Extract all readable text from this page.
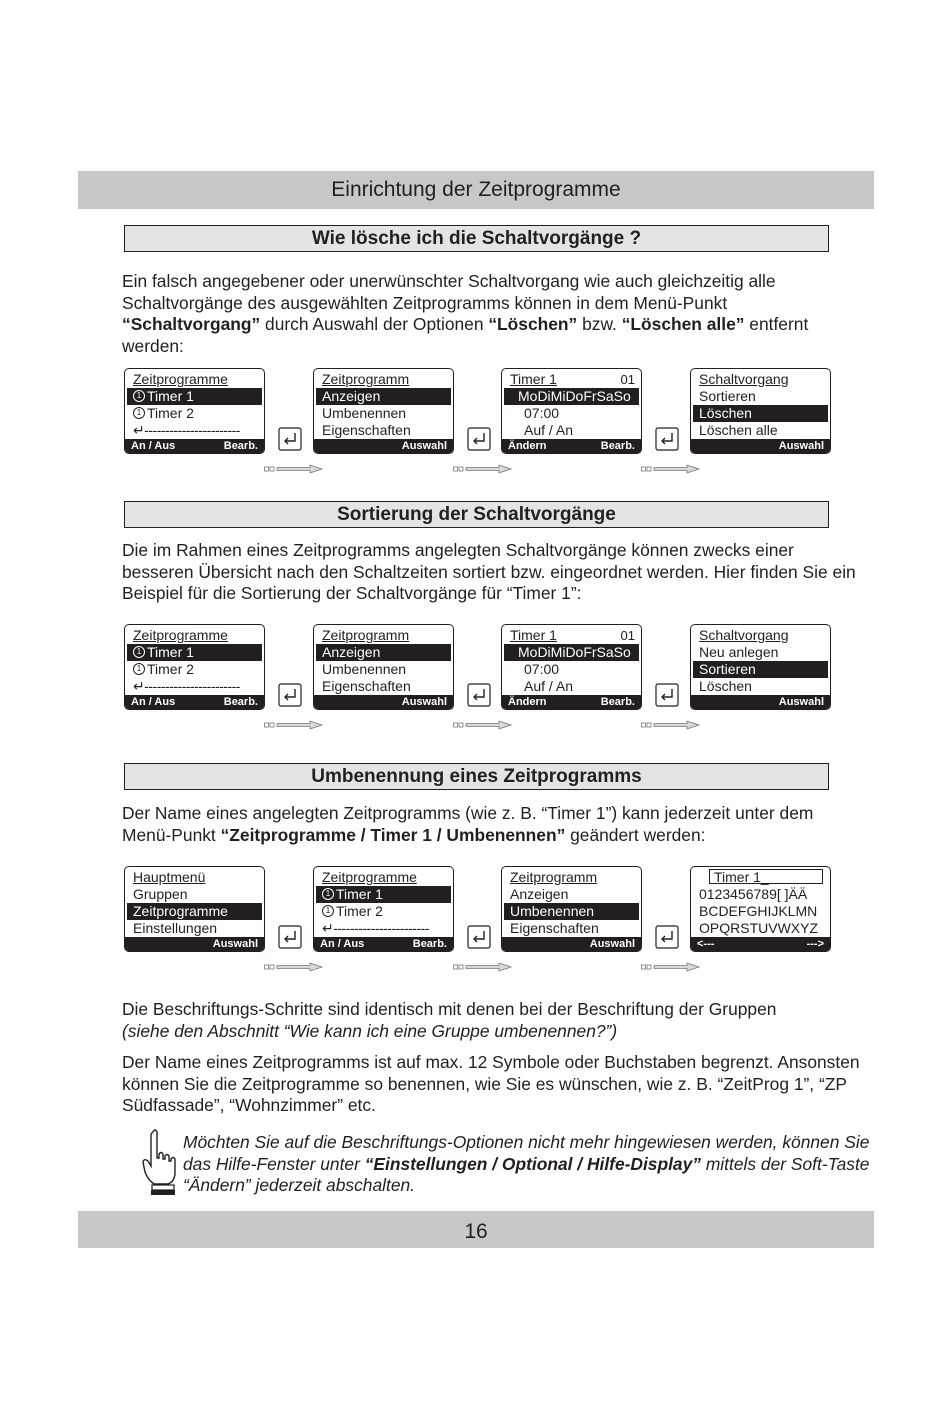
Einrichtung der Zeitprogramme
Wie lösche ich die Schaltvorgänge ?

Ein falsch angegebener oder unerwünschter Schaltvorgang wie auch gleichzeitig alle Schaltvorgänge des ausgewählten Zeitprogramms können in dem Menü-Punkt “Schaltvorgang” durch Auswahl der Optionen “Löschen” bzw. “Löschen alle” entfernt werden:

Sortierung der Schaltvorgänge

Die im Rahmen eines Zeitprogramms angelegten Schaltvorgänge können zwecks einer besseren Übersicht nach den Schaltzeiten sortiert bzw. eingeordnet werden. Hier finden Sie ein Beispiel für die Sortierung der Schaltvorgänge für “Timer 1”:

Umbenennung eines Zeitprogramms

Der Name eines angelegten Zeitprogramms (wie z. B. “Timer 1”) kann jederzeit unter dem Menü-Punkt “Zeitprogramme / Timer 1 / Umbenennen” geändert werden:

Die Beschriftungs-Schritte sind identisch mit denen bei der Beschriftung der Gruppen
(siehe den Abschnitt “Wie kann ich eine Gruppe umbenennen?”)

Der Name eines Zeitprogramms ist auf max. 12 Symbole oder Buchstaben begrenzt. Ansonsten können Sie die Zeitprogramme so benennen, wie Sie es wünschen, wie z. B. “ZeitProg 1”, “ZP Südfassade”, “Wohnzimmer” etc.

Möchten Sie auf die Beschriftungs-Optionen nicht mehr hingewiesen werden, können Sie das Hilfe-Fenster unter “Einstellungen / Optional / Hilfe-Display” mittels der Soft-Taste “Ändern” jederzeit abschalten.

16
Zeitprogramme
1 Timer 1
1 Timer 2
↵-----------------------
An / Aus	Bearb.
Zeitprogramm
Anzeigen
Umbenennen
Eigenschaften
Auswahl
Timer 1	01
MoDiMiDoFrSaSo
07:00
Auf / An
Ändern	Bearb.
Schaltvorgang
Sortieren
Löschen
Löschen alle
Auswahl
Zeitprogramme
1 Timer 1
1 Timer 2
↵-----------------------
An / Aus	Bearb.
Zeitprogramm
Anzeigen
Umbenennen
Eigenschaften
Auswahl
Timer 1	01
MoDiMiDoFrSaSo
07:00
Auf / An
Ändern	Bearb.
Schaltvorgang
Neu anlegen
Sortieren
Löschen
Auswahl
Hauptmenü
Gruppen
Zeitprogramme
Einstellungen
Auswahl
Zeitprogramme
1 Timer 1
1 Timer 2
↵-----------------------
An / Aus	Bearb.
Zeitprogramm
Anzeigen
Umbenennen
Eigenschaften
Auswahl
Timer 1_
0123456789[ ]ÄÄ
BCDEFGHIJKLMN
OPQRSTUVWXYZ
<---	--->
